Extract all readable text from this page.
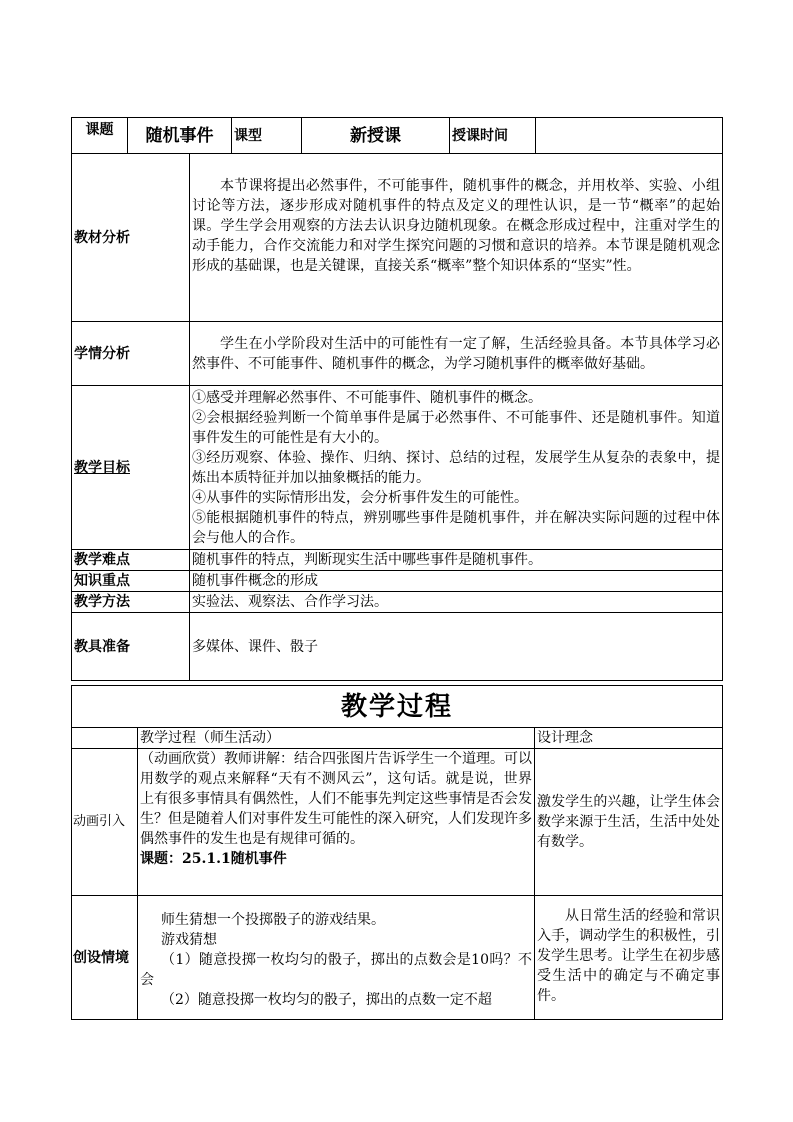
课题	随机事件		课型	新授课	授课时间	
教材分析		本节课将提出必然事件，不可能事件，随机事件的概念，并用枚举、实验、小组讨论等方法，逐步形成对随机事件的特点及定义的理性认识，是一节“概率”的起始课。学生学会用观察的方法去认识身边随机现象。在概念形成过程中，注重对学生的动手能力，合作交流能力和对学生探究问题的习惯和意识的培养。本节课是随机观念形成的基础课，也是关键课，直接关系“概率”整个知识体系的“坚实”性。				

学情分析		学生在小学阶段对生活中的可能性有一定了解，生活经验具备。本节具体学习必然事件、不可能事件、随机事件的概念，为学习随机事件的概率做好基础。				

教学目标		①感受并理解必然事件、不可能事件、随机事件的概念。

②会根据经验判断一个简单事件是属于必然事件、不可能事件、还是随机事件。知道事件发生的可能性是有大小的。

③经历观察、体验、操作、归纳、探讨、总结的过程，发展学生从复杂的表象中，提炼出本质特征并加以抽象概括的能力。

④从事件的实际情形出发，会分析事件发生的可能性。

⑤能根据随机事件的特点，辨别哪些事件是随机事件，并在解决实际问题的过程中体会与他人的合作。				

教学难点		随机事件的特点，判断现实生活中哪些事件是随机事件。				
知识重点		随机事件概念的形成				
教学方法		实验法、观察法、合作学习法。				
教具准备		多媒体、课件、骰子				
教学过程		
	教学过程（师生活动）	设计理念
动画引入	（动画欣赏）教师讲解：结合四张图片告诉学生一个道理。可以用数学的观点来解释“天有不测风云”，这句话。就是说，世界上有很多事情具有偶然性，人们不能事先判定这些事情是否会发生？但是随着人们对事件发生可能性的深入研究，人们发现许多偶然事件的发生也是有规律可循的。

课题：25.1.1随机事件	激发学生的兴趣，让学生体会数学来源于生活，生活中处处有数学。

创设情境	师生猜想一个投掷骰子的游戏结果。

游戏猜想

（1）随意投掷一枚均匀的骰子，掷出的点数会是10吗？不会

（2）随意投掷一枚均匀的骰子，掷出的点数一定不超	从日常生活的经验和常识入手，调动学生的积极性，引发学生思考。让学生在初步感受生活中的确定与不确定事件。
